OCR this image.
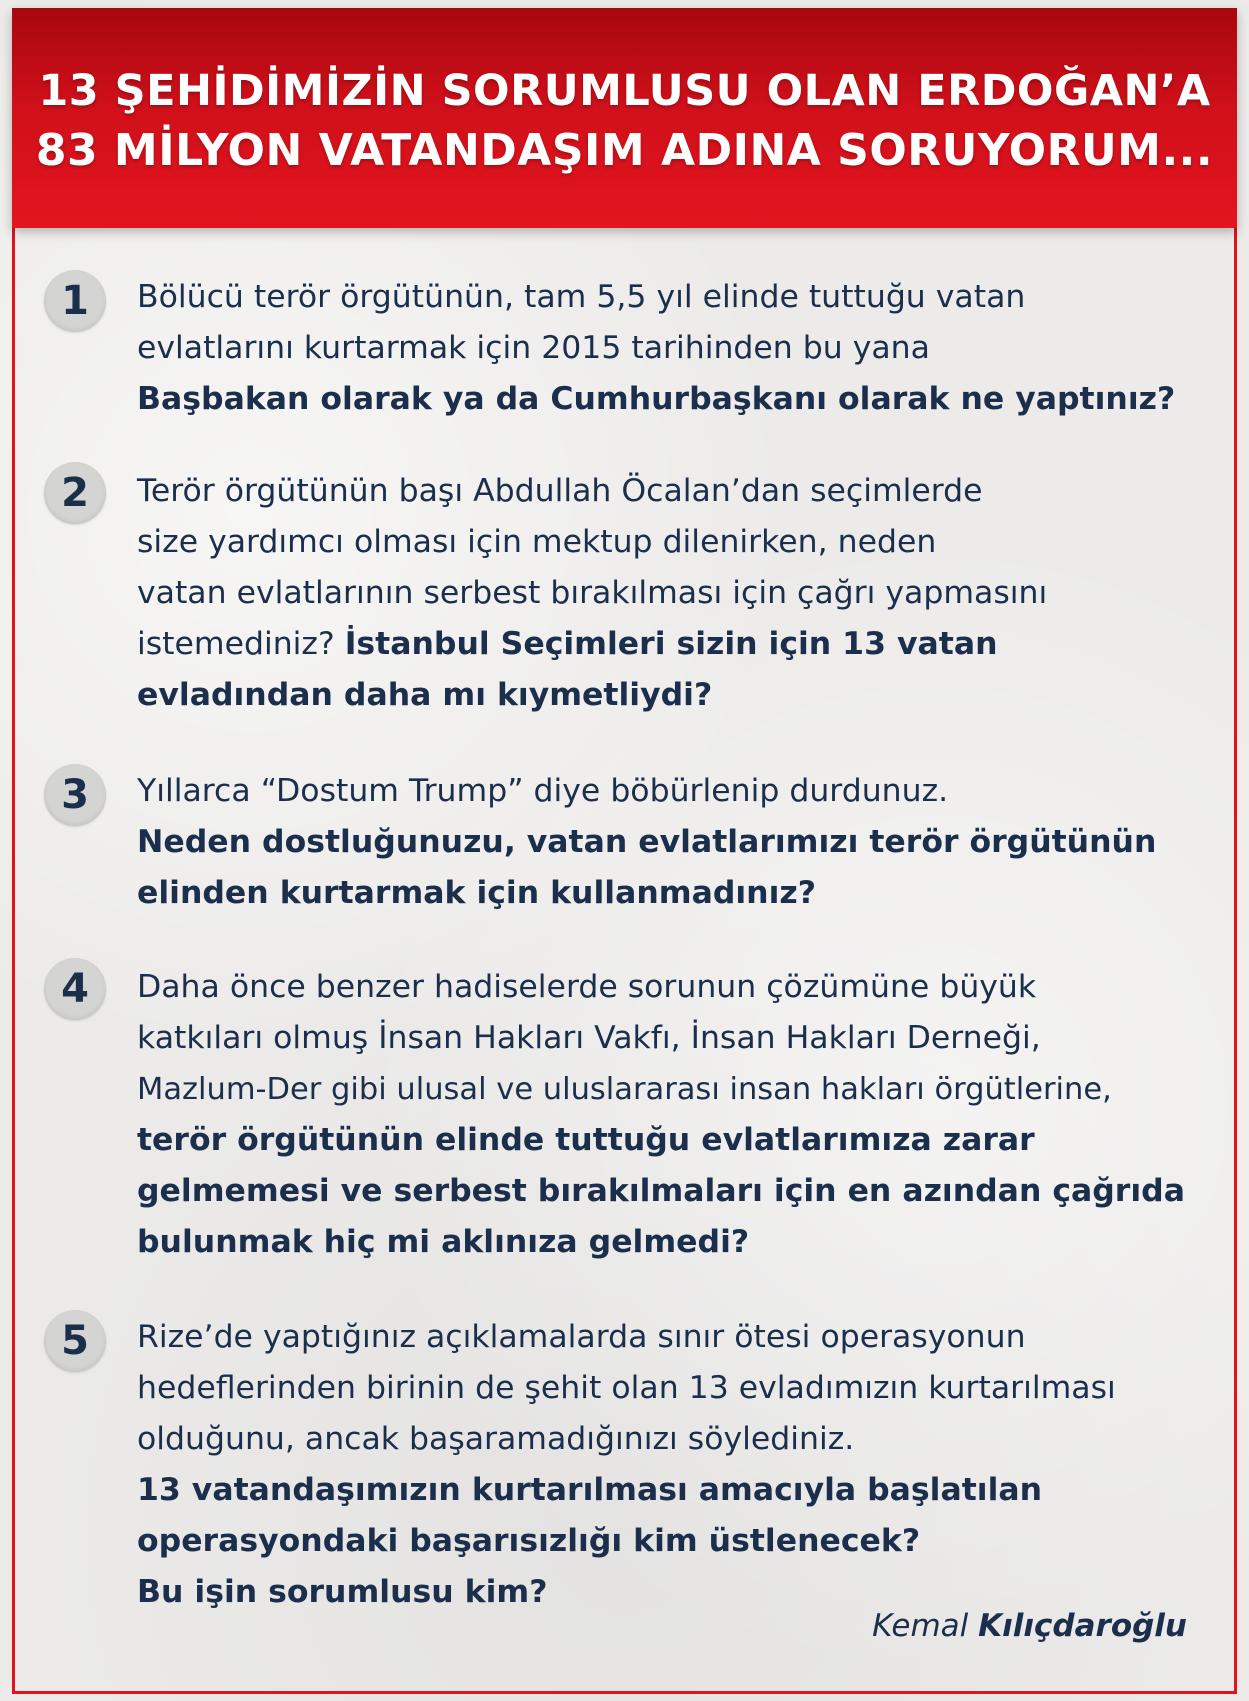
13 ŞEHİDİMİZİN SORUMLUSU OLAN ERDOĞAN’A
83 MİLYON VATANDAŞIM ADINA SORUYORUM...
1 Bölücü terör örgütünün, tam 5,5 yıl elinde tuttuğu vatan
evlatlarını kurtarmak için 2015 tarihinden bu yana
Başbakan olarak ya da Cumhurbaşkanı olarak ne yaptınız?
2 Terör örgütünün başı Abdullah Öcalan’dan seçimlerde
size yardımcı olması için mektup dilenirken, neden
vatan evlatlarının serbest bırakılması için çağrı yapmasını
istemediniz? İstanbul Seçimleri sizin için 13 vatan
evladından daha mı kıymetliydi?
3 Yıllarca “Dostum Trump” diye böbürlenip durdunuz.
Neden dostluğunuzu, vatan evlatlarımızı terör örgütünün
elinden kurtarmak için kullanmadınız?
4 Daha önce benzer hadiselerde sorunun çözümüne büyük
katkıları olmuş İnsan Hakları Vakfı, İnsan Hakları Derneği,
Mazlum-Der gibi ulusal ve uluslararası insan hakları örgütlerine,
terör örgütünün elinde tuttuğu evlatlarımıza zarar
gelmemesi ve serbest bırakılmaları için en azından çağrıda
bulunmak hiç mi aklınıza gelmedi?
5 Rize’de yaptığınız açıklamalarda sınır ötesi operasyonun
hedeflerinden birinin de şehit olan 13 evladımızın kurtarılması
olduğunu, ancak başaramadığınızı söylediniz.
13 vatandaşımızın kurtarılması amacıyla başlatılan
operasyondaki başarısızlığı kim üstlenecek?
Bu işin sorumlusu kim?
Kemal Kılıçdaroğlu
